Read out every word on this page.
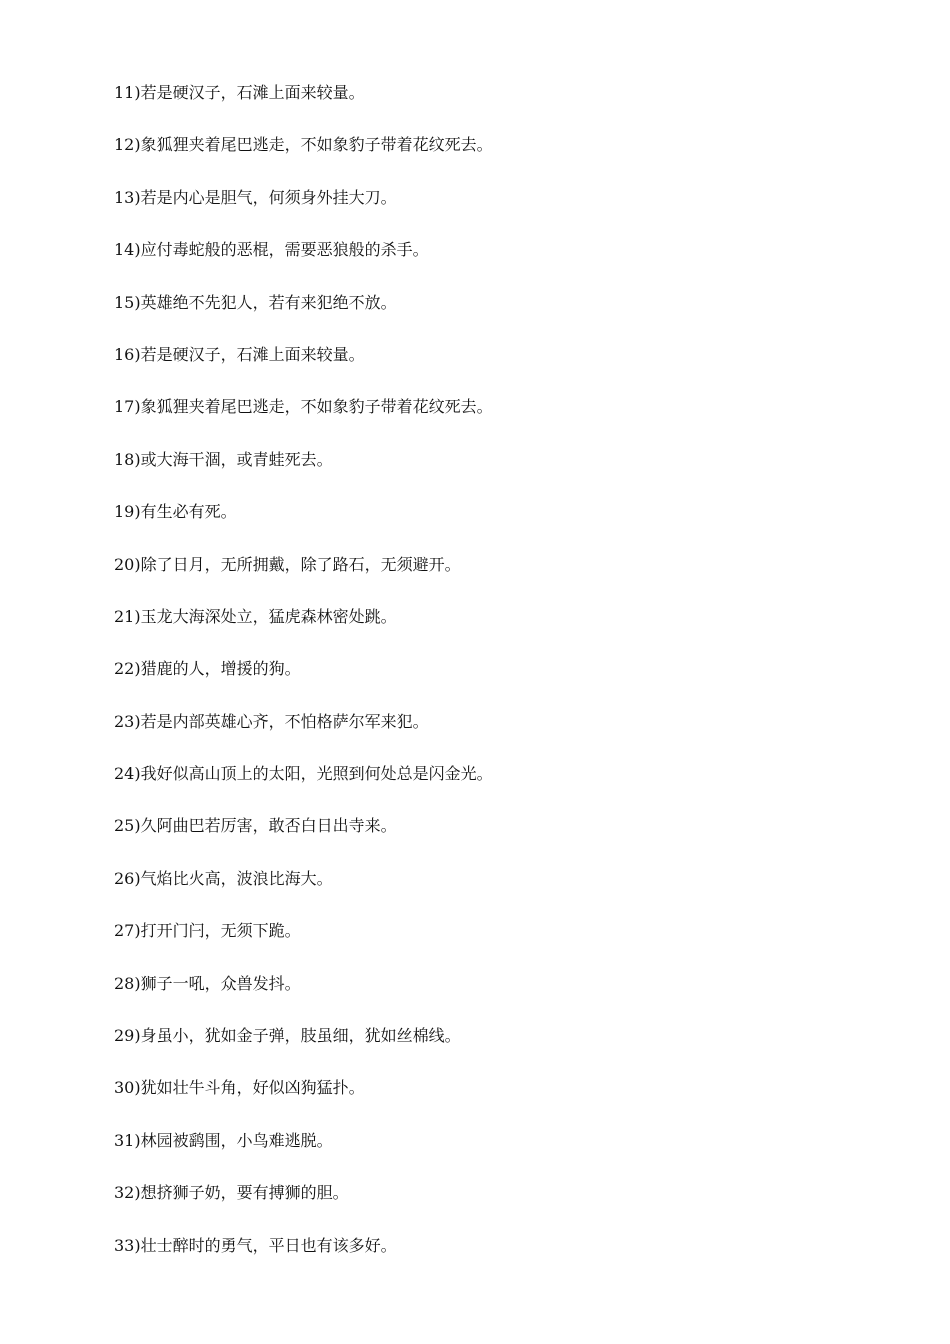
11)若是硬汉子，石滩上面来较量。
12)象狐狸夹着尾巴逃走，不如象豹子带着花纹死去。
13)若是内心是胆气，何须身外挂大刀。
14)应付毒蛇般的恶棍，需要恶狼般的杀手。
15)英雄绝不先犯人，若有来犯绝不放。
16)若是硬汉子，石滩上面来较量。
17)象狐狸夹着尾巴逃走，不如象豹子带着花纹死去。
18)或大海干涸，或青蛙死去。
19)有生必有死。
20)除了日月，无所拥戴，除了路石，无须避开。
21)玉龙大海深处立，猛虎森林密处跳。
22)猎鹿的人，增援的狗。
23)若是内部英雄心齐，不怕格萨尔军来犯。
24)我好似高山顶上的太阳，光照到何处总是闪金光。
25)久阿曲巴若厉害，敢否白日出寺来。
26)气焰比火高，波浪比海大。
27)打开门闩，无须下跪。
28)狮子一吼，众兽发抖。
29)身虽小，犹如金子弹，肢虽细，犹如丝棉线。
30)犹如壮牛斗角，好似凶狗猛扑。
31)林园被鹞围，小鸟难逃脱。
32)想挤狮子奶，要有搏狮的胆。
33)壮士醉时的勇气，平日也有该多好。
